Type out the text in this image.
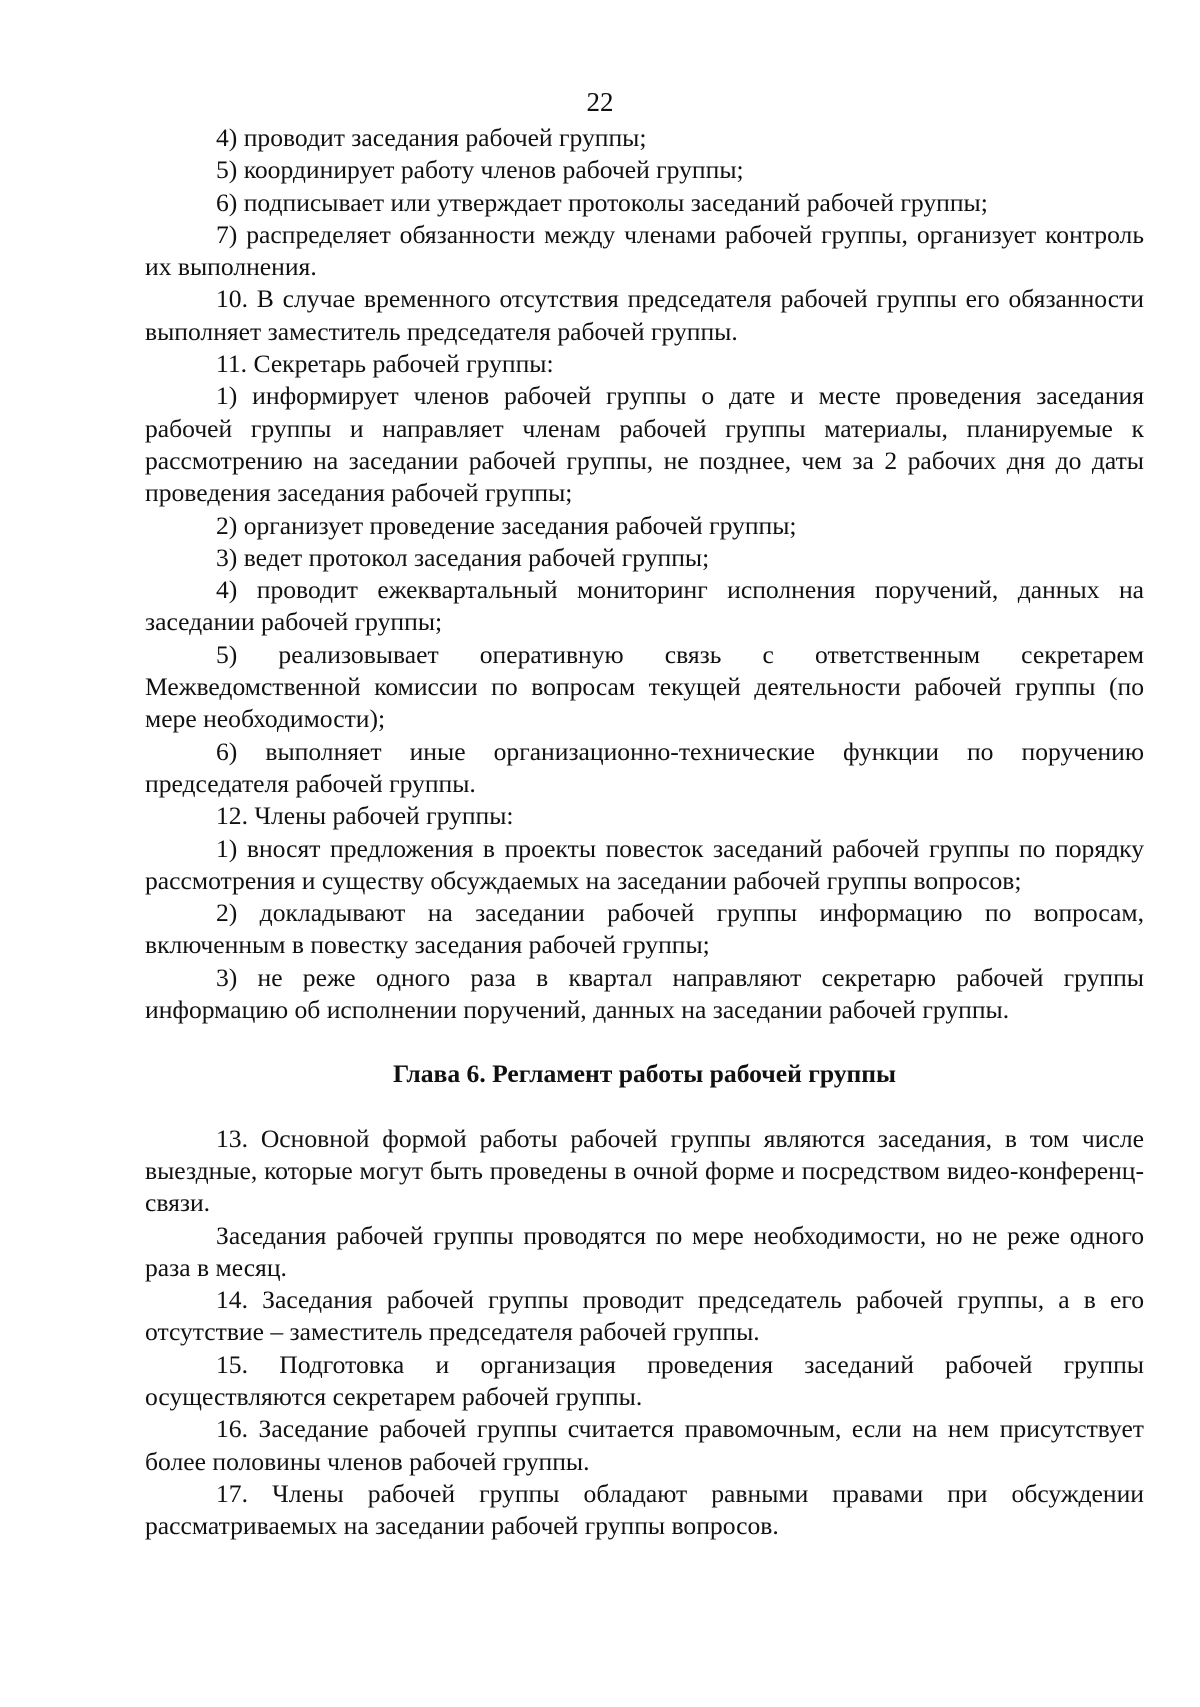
22

4) проводит заседания рабочей группы;

5) координирует работу членов рабочей группы;

6) подписывает или утверждает протоколы заседаний рабочей группы;

7) распределяет обязанности между членами рабочей группы, организует контроль их выполнения.

10. В случае временного отсутствия председателя рабочей группы его обязанности выполняет заместитель председателя рабочей группы.

11. Секретарь рабочей группы:

1) информирует членов рабочей группы о дате и месте проведения заседания рабочей группы и направляет членам рабочей группы материалы, планируемые к рассмотрению на заседании рабочей группы, не позднее, чем за 2 рабочих дня до даты проведения заседания рабочей группы;

2) организует проведение заседания рабочей группы;

3) ведет протокол заседания рабочей группы;

4) проводит ежеквартальный мониторинг исполнения поручений, данных на заседании рабочей группы;

5) реализовывает оперативную связь с ответственным секретарем Межведомственной комиссии по вопросам текущей деятельности рабочей группы (по мере необходимости);

6) выполняет иные организационно-технические функции по поручению председателя рабочей группы.

12. Члены рабочей группы:

1) вносят предложения в проекты повесток заседаний рабочей группы по порядку рассмотрения и существу обсуждаемых на заседании рабочей группы вопросов;

2) докладывают на заседании рабочей группы информацию по вопросам, включенным в повестку заседания рабочей группы;

3) не реже одного раза в квартал направляют секретарю рабочей группы информацию об исполнении поручений, данных на заседании рабочей группы.

Глава 6. Регламент работы рабочей группы

13. Основной формой работы рабочей группы являются заседания, в том числе выездные, которые могут быть проведены в очной форме и посредством видео-конференц-связи.

Заседания рабочей группы проводятся по мере необходимости, но не реже одного раза в месяц.

14. Заседания рабочей группы проводит председатель рабочей группы, а в его отсутствие – заместитель председателя рабочей группы.

15. Подготовка и организация проведения заседаний рабочей группы осуществляются секретарем рабочей группы.

16. Заседание рабочей группы считается правомочным, если на нем присутствует более половины членов рабочей группы.

17. Члены рабочей группы обладают равными правами при обсуждении рассматриваемых на заседании рабочей группы вопросов.
